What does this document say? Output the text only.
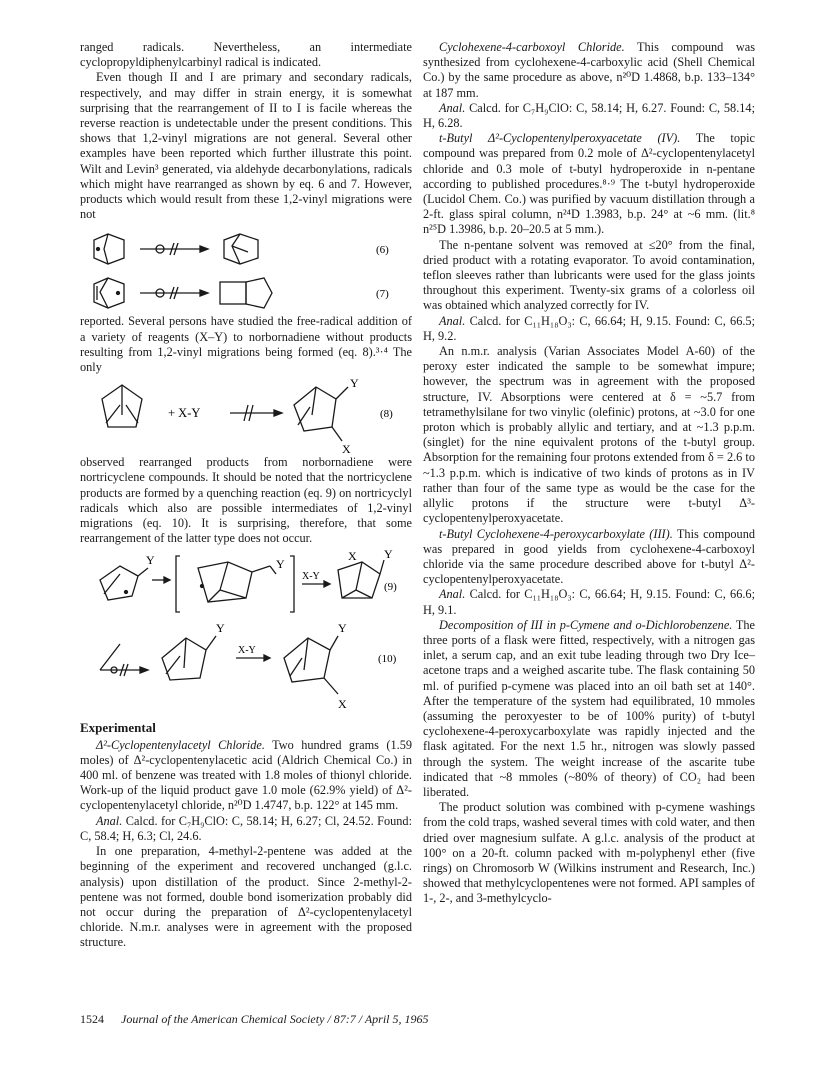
ranged radicals. Nevertheless, an intermediate cyclopropyldiphenylcarbinyl radical is indicated.

Even though II and I are primary and secondary radicals, respectively, and may differ in strain energy, it is somewhat surprising that the rearrangement of II to I is facile whereas the reverse reaction is undetectable under the present conditions. This shows that 1,2-vinyl migrations are not general. Several other examples have been reported which further illustrate this point. Wilt and Levin³ generated, via aldehyde decarbonylations, radicals which might have rearranged as shown by eq. 6 and 7. However, products which would result from these 1,2-vinyl migrations were not

(6)
(7)

reported. Several persons have studied the free-radical addition of a variety of reagents (X–Y) to norbornadiene without products resulting from 1,2-vinyl migrations being formed (eq. 8).³·⁴ The only

+ X-Y
Y
X
(8)

observed rearranged products from norbornadiene were nortricyclene compounds. It should be noted that the nortricyclene products are formed by a quenching reaction (eq. 9) on nortricyclyl radicals which also are possible intermediates of 1,2-vinyl migrations (eq. 10). It is surprising, therefore, that some rearrangement of the latter type does not occur.

Y	Y
X Y
Y	Y
X
X-Y
X-Y
(9)
(10)

Experimental

Δ²-Cyclopentenylacetyl Chloride. Two hundred grams (1.59 moles) of Δ²-cyclopentenylacetic acid (Aldrich Chemical Co.) in 400 ml. of benzene was treated with 1.8 moles of thionyl chloride. Work-up of the liquid product gave 1.0 mole (62.9% yield) of Δ²-cyclopentenylacetyl chloride, n²⁰D 1.4747, b.p. 122° at 145 mm.

Anal. Calcd. for C₇H₉ClO: C, 58.14; H, 6.27; Cl, 24.52. Found: C, 58.4; H, 6.3; Cl, 24.6.

In one preparation, 4-methyl-2-pentene was added at the beginning of the experiment and recovered unchanged (g.l.c. analysis) upon distillation of the product. Since 2-methyl-2-pentene was not formed, double bond isomerization probably did not occur during the preparation of Δ²-cyclopentenylacetyl chloride. N.m.r. analyses were in agreement with the proposed structure.

Cyclohexene-4-carboxoyl Chloride. This compound was synthesized from cyclohexene-4-carboxylic acid (Shell Chemical Co.) by the same procedure as above, n²⁰D 1.4868, b.p. 133–134° at 187 mm.

Anal. Calcd. for C₇H₉ClO: C, 58.14; H, 6.27. Found: C, 58.14; H, 6.28.

t-Butyl Δ²-Cyclopentenylperoxyacetate (IV). The topic compound was prepared from 0.2 mole of Δ²-cyclopentenylacetyl chloride and 0.3 mole of t-butyl hydroperoxide in n-pentane according to published procedures.⁸·⁹ The t-butyl hydroperoxide (Lucidol Chem. Co.) was purified by vacuum distillation through a 2-ft. glass spiral column, n²⁴D 1.3983, b.p. 24° at ~6 mm. (lit.⁸ n²⁵D 1.3986, b.p. 20–20.5 at 5 mm.).

The n-pentane solvent was removed at ≤20° from the final, dried product with a rotating evaporator. To avoid contamination, teflon sleeves rather than lubricants were used for the glass joints throughout this experiment. Twenty-six grams of a colorless oil was obtained which analyzed correctly for IV.

Anal. Calcd. for C₁₁H₁₈O₃: C, 66.64; H, 9.15. Found: C, 66.5; H, 9.2.

An n.m.r. analysis (Varian Associates Model A-60) of the peroxy ester indicated the sample to be somewhat impure; however, the spectrum was in agreement with the proposed structure, IV. Absorptions were centered at δ = ~5.7 from tetramethylsilane for two vinylic (olefinic) protons, at ~3.0 for one proton which is probably allylic and tertiary, and at ~1.3 p.p.m. (singlet) for the nine equivalent protons of the t-butyl group. Absorption for the remaining four protons extended from δ = 2.6 to ~1.3 p.p.m. which is indicative of two kinds of protons as in IV rather than four of the same type as would be the case for the allylic protons if the structure were t-butyl Δ³-cyclopentenylperoxyacetate.

t-Butyl Cyclohexene-4-peroxycarboxylate (III). This compound was prepared in good yields from cyclohexene-4-carboxoyl chloride via the same procedure described above for t-butyl Δ²-cyclopentenylperoxyacetate.

Anal. Calcd. for C₁₁H₁₈O₃: C, 66.64; H, 9.15. Found: C, 66.6; H, 9.1.

Decomposition of III in p-Cymene and o-Dichlorobenzene. The three ports of a flask were fitted, respectively, with a nitrogen gas inlet, a serum cap, and an exit tube leading through two Dry Ice–acetone traps and a weighed ascarite tube. The flask containing 50 ml. of purified p-cymene was placed into an oil bath set at 140°. After the temperature of the system had equilibrated, 10 mmoles (assuming the peroxyester to be of 100% purity) of t-butyl cyclohexene-4-peroxycarboxylate was rapidly injected and the flask agitated. For the next 1.5 hr., nitrogen was slowly passed through the system. The weight increase of the ascarite tube indicated that ~8 mmoles (~80% of theory) of CO₂ had been liberated.

The product solution was combined with p-cymene washings from the cold traps, washed several times with cold water, and then dried over magnesium sulfate. A g.l.c. analysis of the product at 100° on a 20-ft. column packed with m-polyphenyl ether (five rings) on Chromosorb W (Wilkins instrument and Research, Inc.) showed that methylcyclopentenes were not formed. API samples of 1-, 2-, and 3-methylcyclo-

1524 Journal of the American Chemical Society / 87:7 / April 5, 1965
